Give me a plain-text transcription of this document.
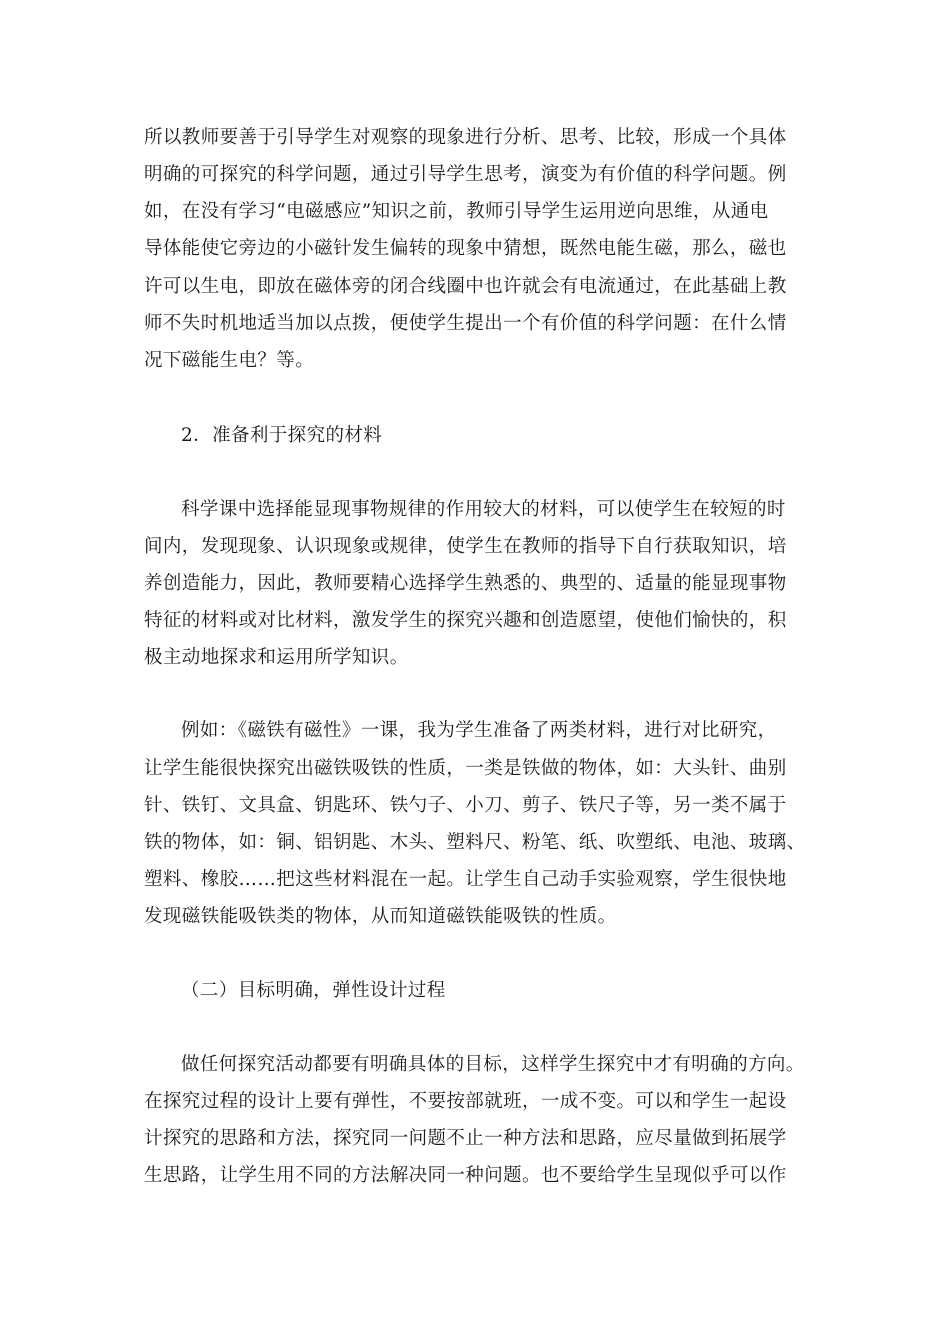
所以教师要善于引导学生对观察的现象进行分析、思考、比较，形成一个具体
明确的可探究的科学问题，通过引导学生思考，演变为有价值的科学问题。例
如，在没有学习“电磁感应”知识之前，教师引导学生运用逆向思维，从通电
导体能使它旁边的小磁针发生偏转的现象中猜想，既然电能生磁，那么，磁也
许可以生电，即放在磁体旁的闭合线圈中也许就会有电流通过，在此基础上教
师不失时机地适当加以点拨，便使学生提出一个有价值的科学问题：在什么情
况下磁能生电？等。
2．准备利于探究的材料
科学课中选择能显现事物规律的作用较大的材料，可以使学生在较短的时
间内，发现现象、认识现象或规律，使学生在教师的指导下自行获取知识，培
养创造能力，因此，教师要精心选择学生熟悉的、典型的、适量的能显现事物
特征的材料或对比材料，激发学生的探究兴趣和创造愿望，使他们愉快的，积
极主动地探求和运用所学知识。
例如：《磁铁有磁性》一课，我为学生准备了两类材料，进行对比研究，
让学生能很快探究出磁铁吸铁的性质，一类是铁做的物体，如：大头针、曲别
针、铁钉、文具盒、钥匙环、铁勺子、小刀、剪子、铁尺子等，另一类不属于
铁的物体，如：铜、铝钥匙、木头、塑料尺、粉笔、纸、吹塑纸、电池、玻璃、
塑料、橡胶……把这些材料混在一起。让学生自己动手实验观察，学生很快地
发现磁铁能吸铁类的物体，从而知道磁铁能吸铁的性质。
（二）目标明确，弹性设计过程
做任何探究活动都要有明确具体的目标，这样学生探究中才有明确的方向。
在探究过程的设计上要有弹性，不要按部就班，一成不变。可以和学生一起设
计探究的思路和方法，探究同一问题不止一种方法和思路，应尽量做到拓展学
生思路，让学生用不同的方法解决同一种问题。也不要给学生呈现似乎可以作
